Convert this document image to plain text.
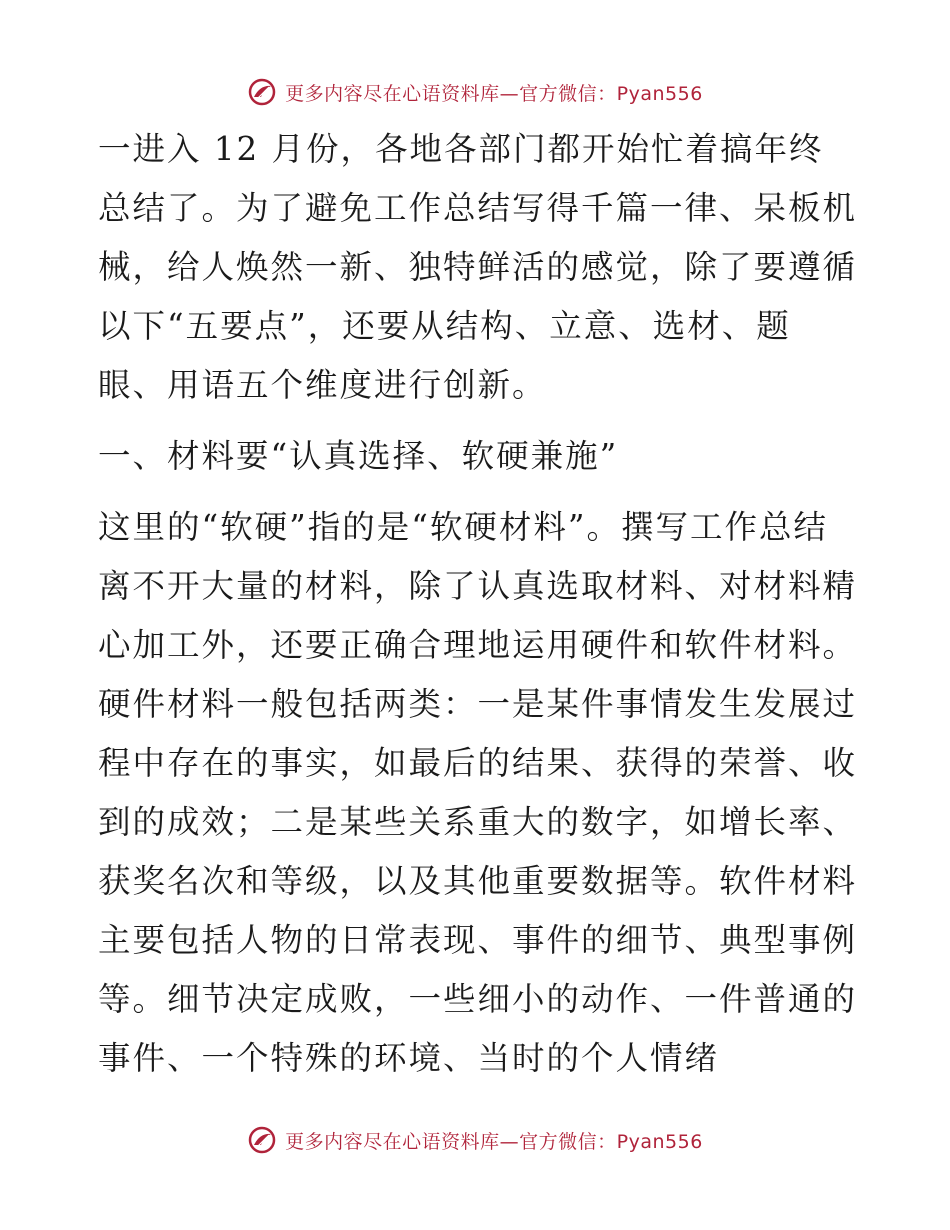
更多内容尽在心语资料库—官方微信：Pyan556

一进入 12 月份，各地各部门都开始忙着搞年终总结了。为了避免工作总结写得千篇一律、呆板机械，给人焕然一新、独特鲜活的感觉，除了要遵循以下“五要点”，还要从结构、立意、选材、题眼、用语五个维度进行创新。

一、材料要“认真选择、软硬兼施”

这里的“软硬”指的是“软硬材料”。撰写工作总结离不开大量的材料，除了认真选取材料、对材料精心加工外，还要正确合理地运用硬件和软件材料。硬件材料一般包括两类：一是某件事情发生发展过程中存在的事实，如最后的结果、获得的荣誉、收到的成效；二是某些关系重大的数字，如增长率、获奖名次和等级，以及其他重要数据等。软件材料主要包括人物的日常表现、事件的细节、典型事例等。细节决定成败，一些细小的动作、一件普通的事件、一个特殊的环境、当时的个人情绪

更多内容尽在心语资料库—官方微信：Pyan556
